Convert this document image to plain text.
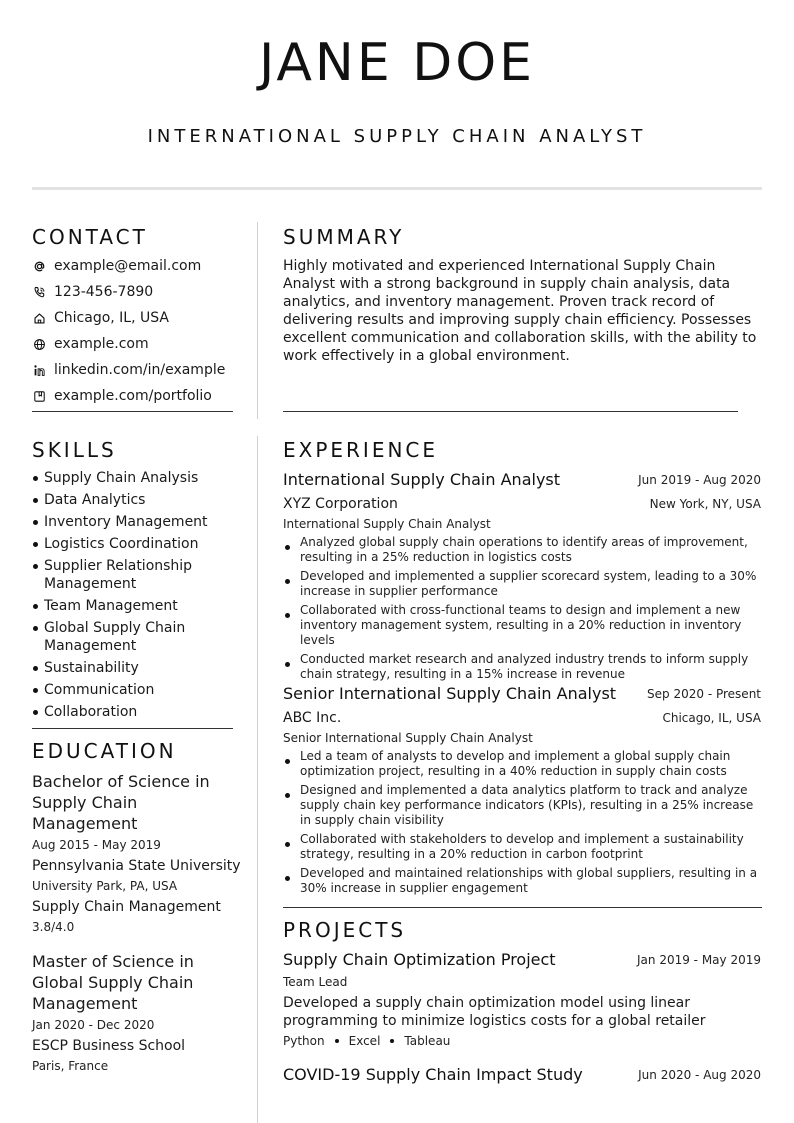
JANE DOE
INTERNATIONAL SUPPLY CHAIN ANALYST
CONTACT
example@email.com
123-456-7890
Chicago, IL, USA
example.com
linkedin.com/in/example
example.com/portfolio
SKILLS
Supply Chain Analysis
Data Analytics
Inventory Management
Logistics Coordination
Supplier Relationship Management
Team Management
Global Supply Chain Management
Sustainability
Communication
Collaboration
EDUCATION
Bachelor of Science in Supply Chain Management
Aug 2015 - May 2019
Pennsylvania State University
University Park, PA, USA
Supply Chain Management
3.8/4.0
Master of Science in Global Supply Chain Management
Jan 2020 - Dec 2020
ESCP Business School
Paris, France
SUMMARY
Highly motivated and experienced International Supply Chain Analyst with a strong background in supply chain analysis, data analytics, and inventory management. Proven track record of delivering results and improving supply chain efficiency. Possesses excellent communication and collaboration skills, with the ability to work effectively in a global environment.
EXPERIENCE
International Supply Chain Analyst	Jun 2019 - Aug 2020
XYZ Corporation	New York, NY, USA
International Supply Chain Analyst
Analyzed global supply chain operations to identify areas of improvement, resulting in a 25% reduction in logistics costs
Developed and implemented a supplier scorecard system, leading to a 30% increase in supplier performance
Collaborated with cross-functional teams to design and implement a new inventory management system, resulting in a 20% reduction in inventory levels
Conducted market research and analyzed industry trends to inform supply chain strategy, resulting in a 15% increase in revenue
Senior International Supply Chain Analyst	Sep 2020 - Present
ABC Inc.	Chicago, IL, USA
Senior International Supply Chain Analyst
Led a team of analysts to develop and implement a global supply chain optimization project, resulting in a 40% reduction in supply chain costs
Designed and implemented a data analytics platform to track and analyze supply chain key performance indicators (KPIs), resulting in a 25% increase in supply chain visibility
Collaborated with stakeholders to develop and implement a sustainability strategy, resulting in a 20% reduction in carbon footprint
Developed and maintained relationships with global suppliers, resulting in a 30% increase in supplier engagement
PROJECTS
Supply Chain Optimization Project	Jan 2019 - May 2019
Team Lead
Developed a supply chain optimization model using linear programming to minimize logistics costs for a global retailer
Python Excel Tableau
COVID-19 Supply Chain Impact Study	Jun 2020 - Aug 2020
